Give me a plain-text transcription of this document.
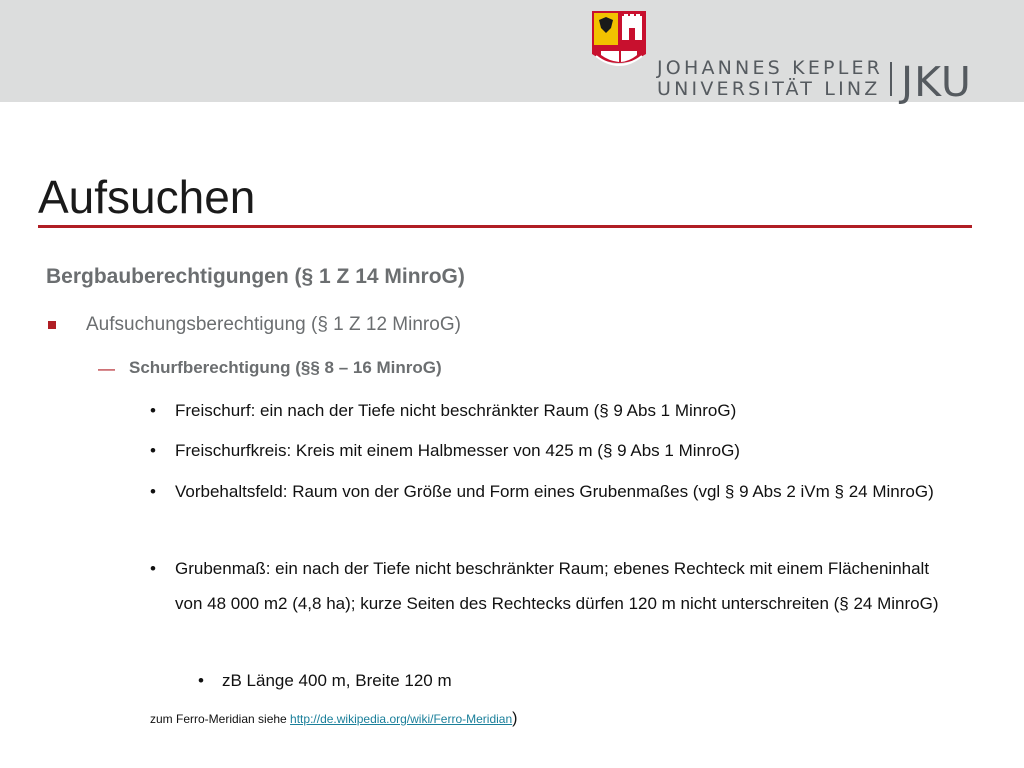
JOHANNES KEPLER
UNIVERSITÄT LINZ JKU
Aufsuchen
Bergbauberechtigungen (§ 1 Z 14 MinroG)
Aufsuchungsberechtigung (§ 1 Z 12 MinroG)
— Schurfberechtigung (§§ 8 – 16 MinroG)
• Freischurf: ein nach der Tiefe nicht beschränkter Raum (§ 9 Abs 1 MinroG)
• Freischurfkreis: Kreis mit einem Halbmesser von 425 m (§ 9 Abs 1 MinroG)
• Vorbehaltsfeld: Raum von der Größe und Form eines Grubenmaßes (vgl § 9 Abs 2 iVm § 24 MinroG)
• Grubenmaß: ein nach der Tiefe nicht beschränkter Raum; ebenes Rechteck mit einem Flächeninhalt von 48 000 m2 (4,8 ha); kurze Seiten des Rechtecks dürfen 120 m nicht unterschreiten (§ 24 MinroG)
• zB Länge 400 m, Breite 120 m
zum Ferro-Meridian siehe http://de.wikipedia.org/wiki/Ferro-Meridian)
